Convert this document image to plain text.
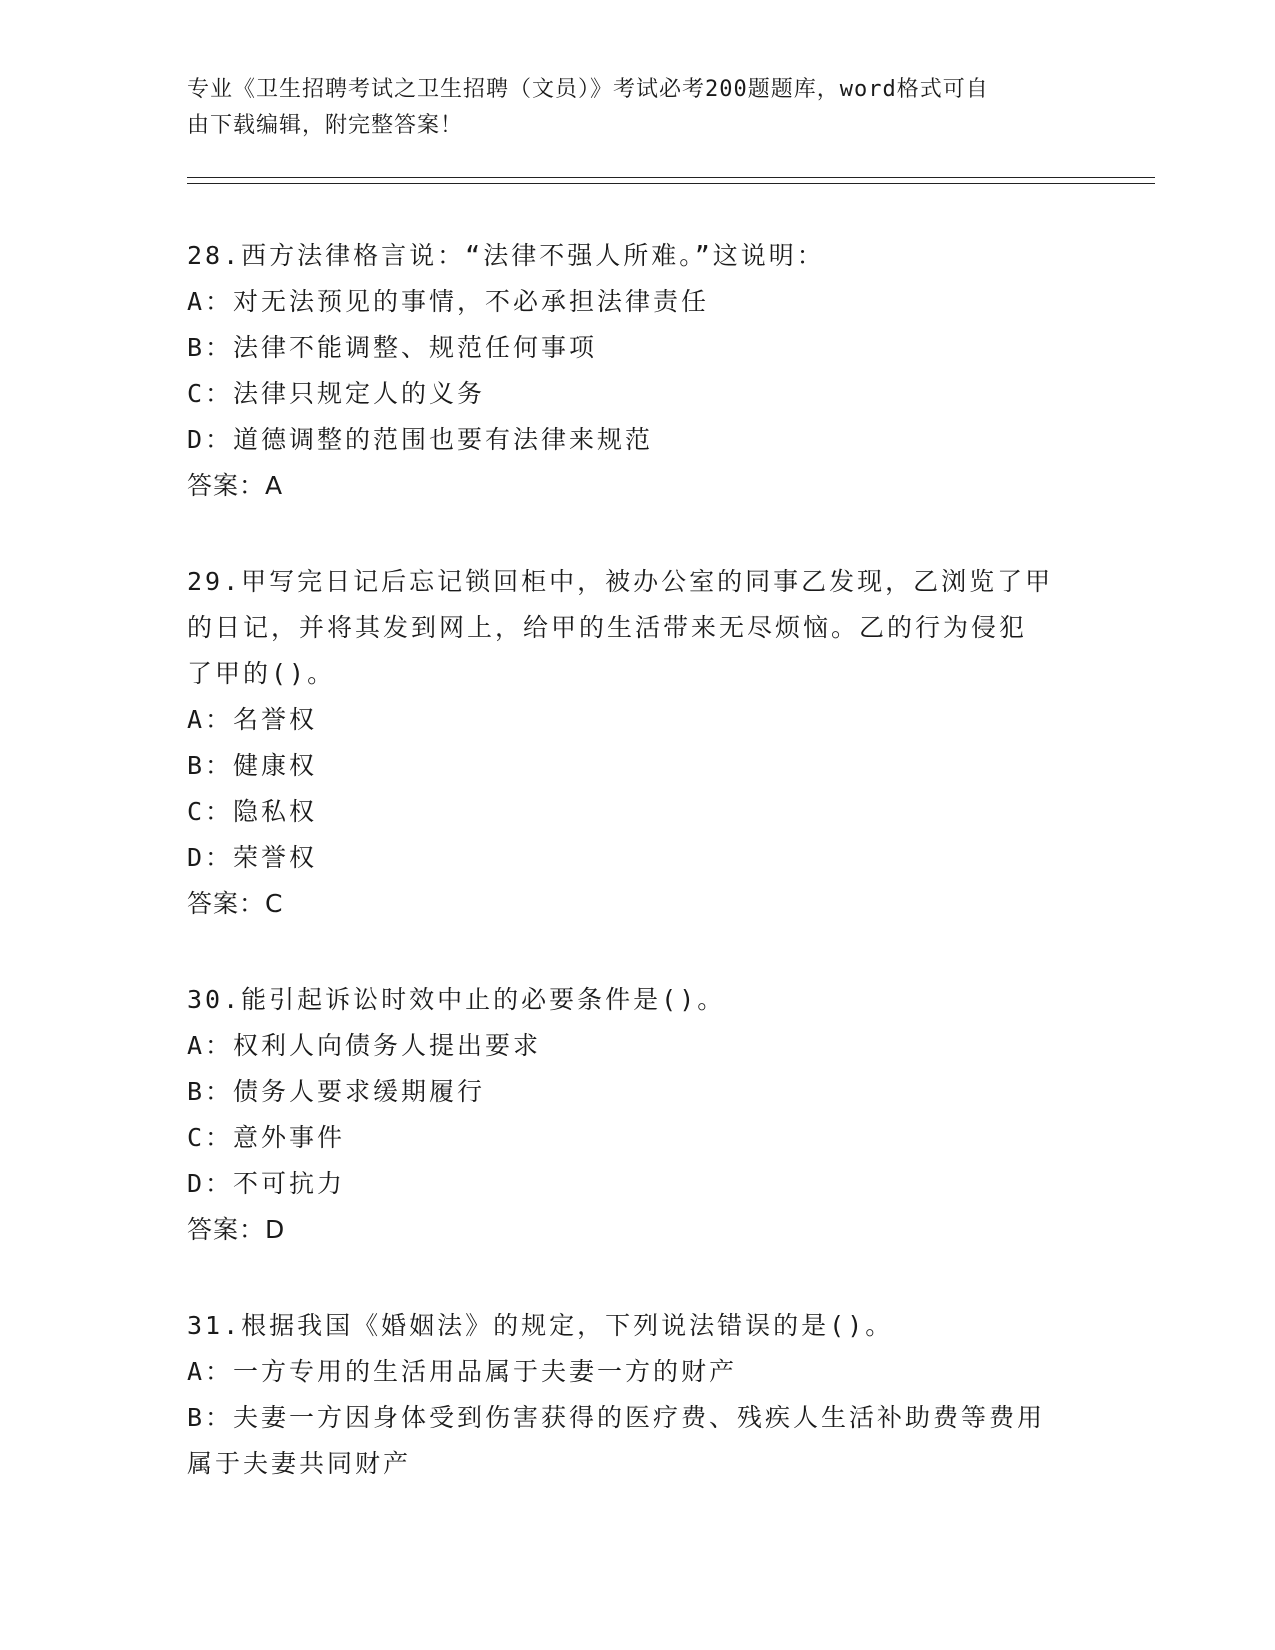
专业《卫生招聘考试之卫生招聘（文员）》考试必考200题题库，word格式可自
由下载编辑，附完整答案！
28.西方法律格言说：“法律不强人所难。”这说明：
A：对无法预见的事情，不必承担法律责任
B：法律不能调整、规范任何事项
C：法律只规定人的义务
D：道德调整的范围也要有法律来规范
答案：A
29.甲写完日记后忘记锁回柜中，被办公室的同事乙发现，乙浏览了甲
的日记，并将其发到网上，给甲的生活带来无尽烦恼。乙的行为侵犯
了甲的()。
A：名誉权
B：健康权
C：隐私权
D：荣誉权
答案：C
30.能引起诉讼时效中止的必要条件是()。
A：权利人向债务人提出要求
B：债务人要求缓期履行
C：意外事件
D：不可抗力
答案：D
31.根据我国《婚姻法》的规定，下列说法错误的是()。
A：一方专用的生活用品属于夫妻一方的财产
B：夫妻一方因身体受到伤害获得的医疗费、残疾人生活补助费等费用
属于夫妻共同财产
